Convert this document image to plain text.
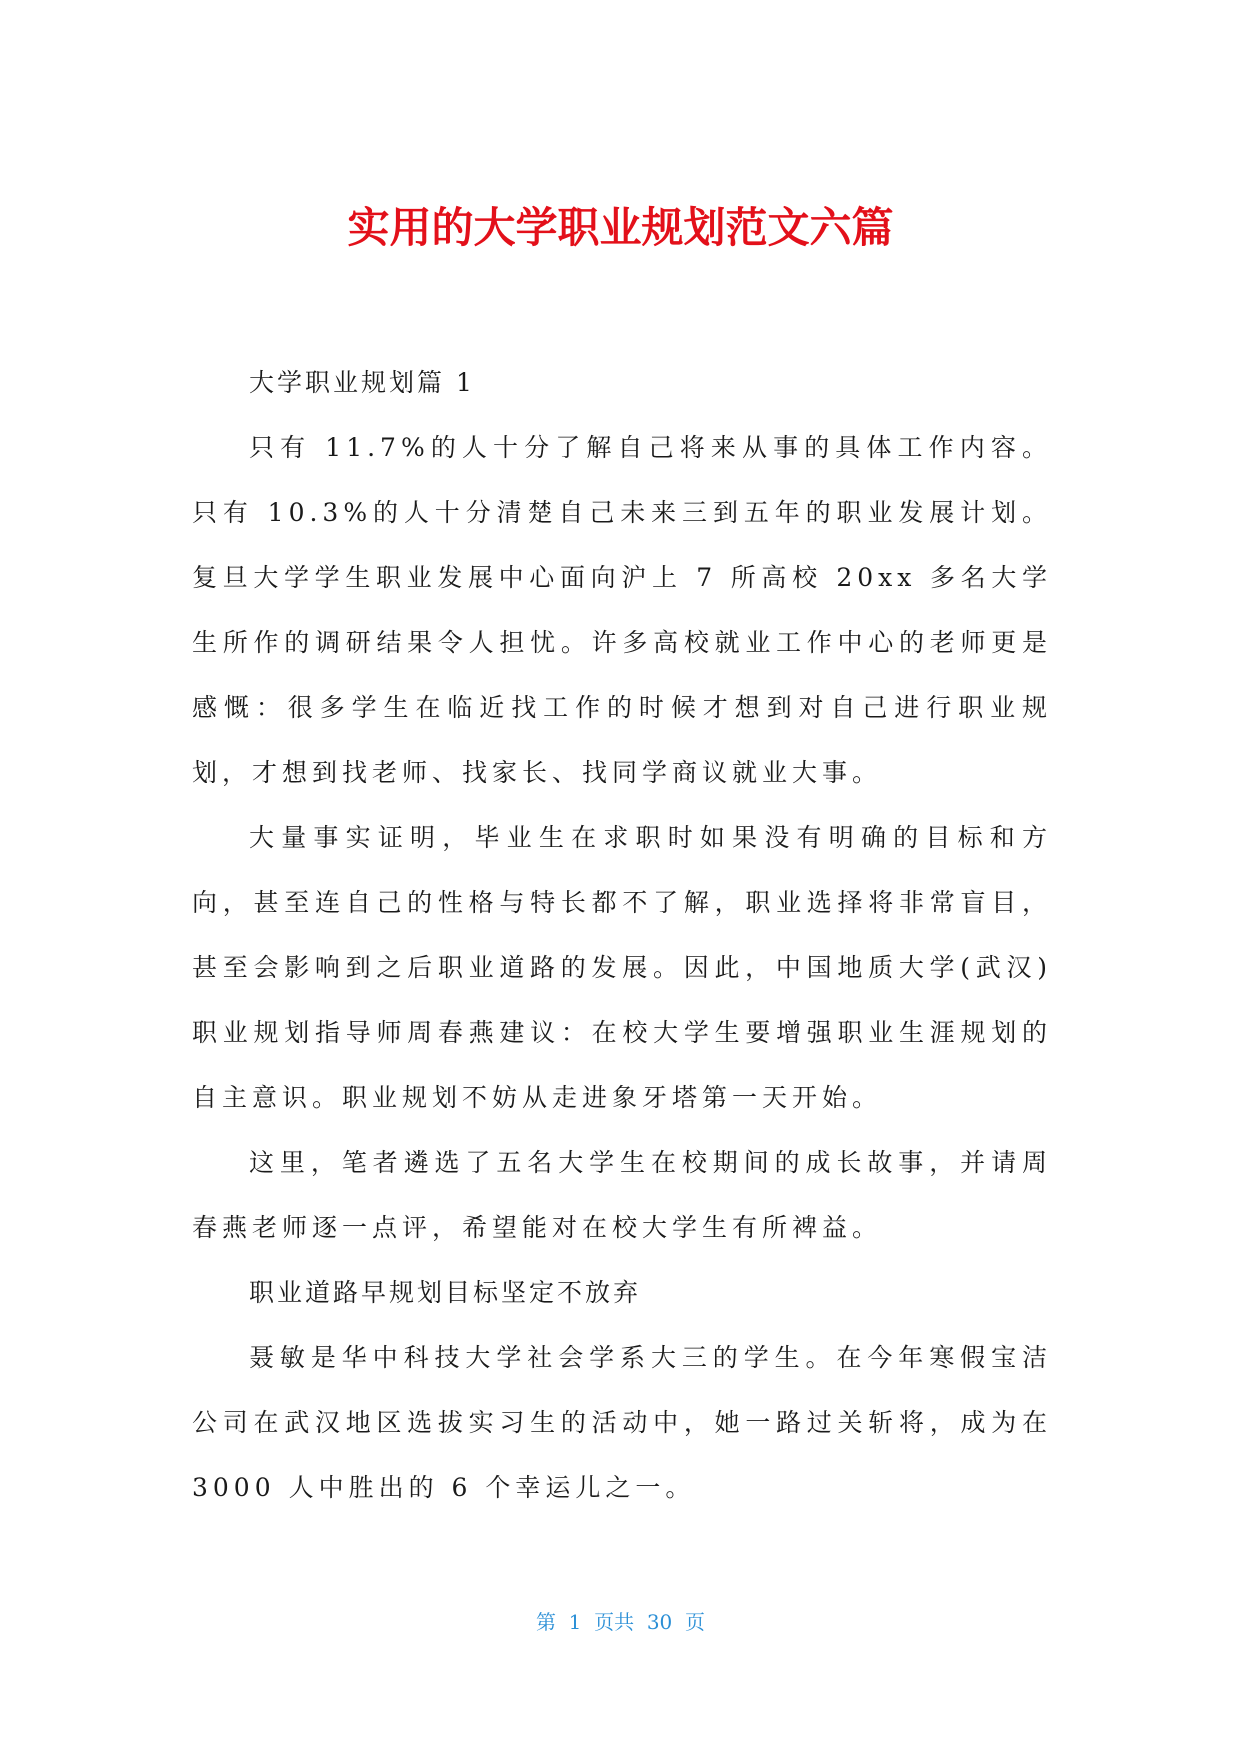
实用的大学职业规划范文六篇

大学职业规划篇 1

只有 11.7%的人十分了解自己将来从事的具体工作内容。只有 10.3%的人十分清楚自己未来三到五年的职业发展计划。复旦大学学生职业发展中心面向沪上 7 所高校 20xx 多名大学生所作的调研结果令人担忧。许多高校就业工作中心的老师更是感慨：很多学生在临近找工作的时候才想到对自己进行职业规划，才想到找老师、找家长、找同学商议就业大事。

大量事实证明，毕业生在求职时如果没有明确的目标和方向，甚至连自己的性格与特长都不了解，职业选择将非常盲目，甚至会影响到之后职业道路的发展。因此，中国地质大学(武汉)职业规划指导师周春燕建议：在校大学生要增强职业生涯规划的自主意识。职业规划不妨从走进象牙塔第一天开始。

这里，笔者遴选了五名大学生在校期间的成长故事，并请周春燕老师逐一点评，希望能对在校大学生有所裨益。

职业道路早规划目标坚定不放弃

聂敏是华中科技大学社会学系大三的学生。在今年寒假宝洁公司在武汉地区选拔实习生的活动中，她一路过关斩将，成为在 3000 人中胜出的 6 个幸运儿之一。

第  1  页共  30  页
